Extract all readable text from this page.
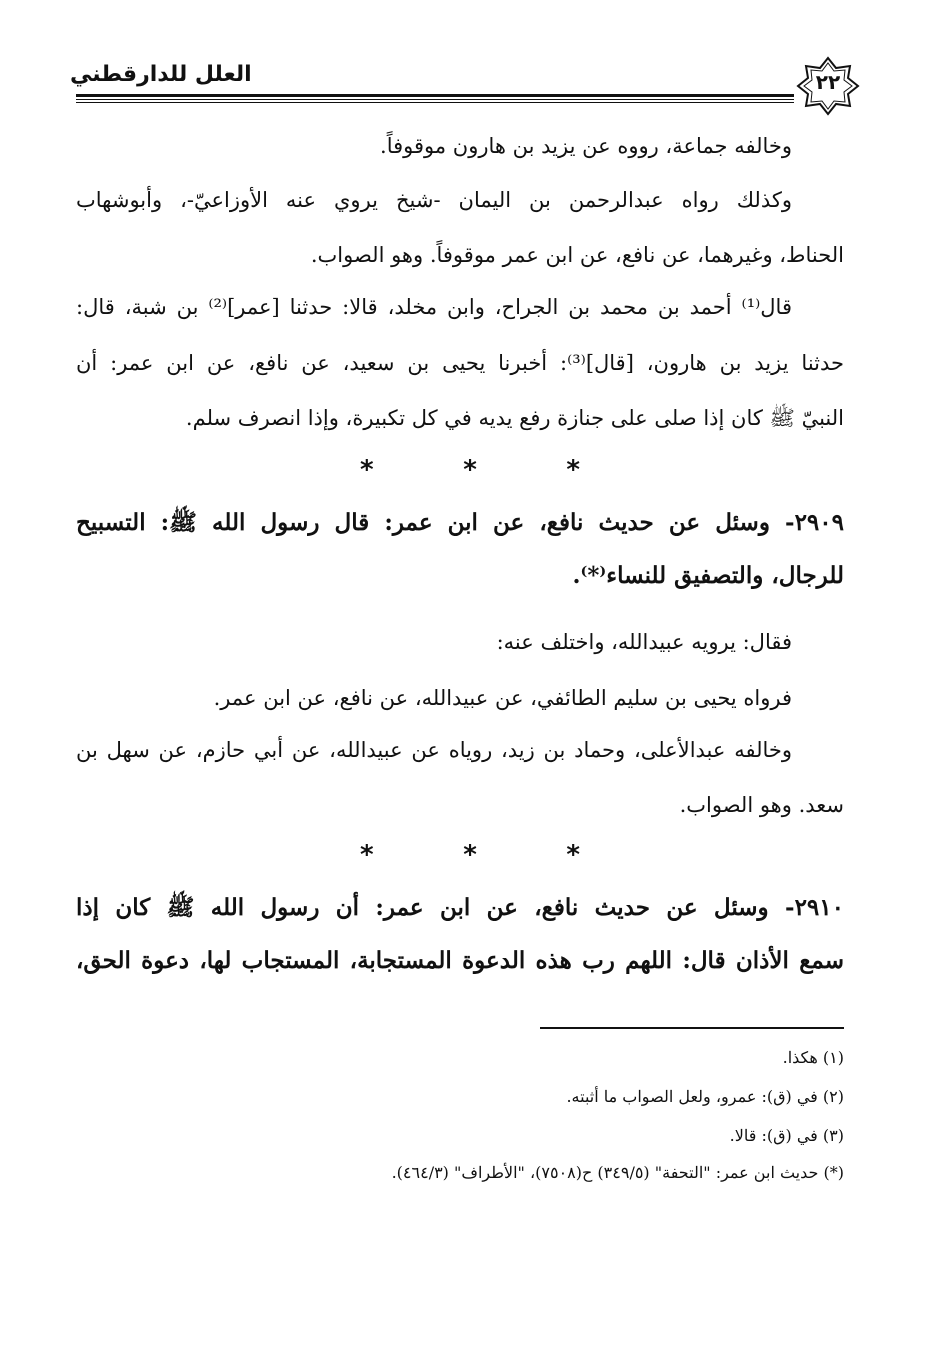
العلل للدارقطني	٢٢
وخالفه جماعة، رووه عن يزيد بن هارون موقوفاً.
وكذلك رواه عبدالرحمن بن اليمان -شيخ يروي عنه الأوزاعيّ-، وأبوشهاب
الحناط، وغيرهما، عن نافع، عن ابن عمر موقوفاً. وهو الصواب.
قال⁽¹⁾ أحمد بن محمد بن الجراح، وابن مخلد، قالا: حدثنا [عمر]⁽²⁾ بن شبة، قال:
حدثنا يزيد بن هارون، [قال]⁽³⁾: أخبرنا يحيى بن سعيد، عن نافع، عن ابن عمر: أن
النبيّ ﷺ كان إذا صلى على جنازة رفع يديه في كل تكبيرة، وإذا انصرف سلم.
*	*	*
٢٩٠٩- وسئل عن حديث نافع، عن ابن عمر: قال رسول الله ﷺ: التسبيح
للرجال، والتصفيق للنساء⁽*⁾.
فقال: يرويه عبيدالله، واختلف عنه:
فرواه يحيى بن سليم الطائفي، عن عبيدالله، عن نافع، عن ابن عمر.
وخالفه عبدالأعلى، وحماد بن زيد، روياه عن عبيدالله، عن أبي حازم، عن سهل بن
سعد. وهو الصواب.
*	*	*
٢٩١٠- وسئل عن حديث نافع، عن ابن عمر: أن رسول الله ﷺ كان إذا
سمع الأذان قال: اللهم رب هذه الدعوة المستجابة، المستجاب لها، دعوة الحق،
(١) هكذا.
(٢) في (ق): عمرو، ولعل الصواب ما أثبته.
(٣) في (ق): قالا.
(*) حديث ابن عمر: "التحفة" (٣٤٩/٥) ح(٧٥٠٨)، "الأطراف" (٤٦٤/٣).
